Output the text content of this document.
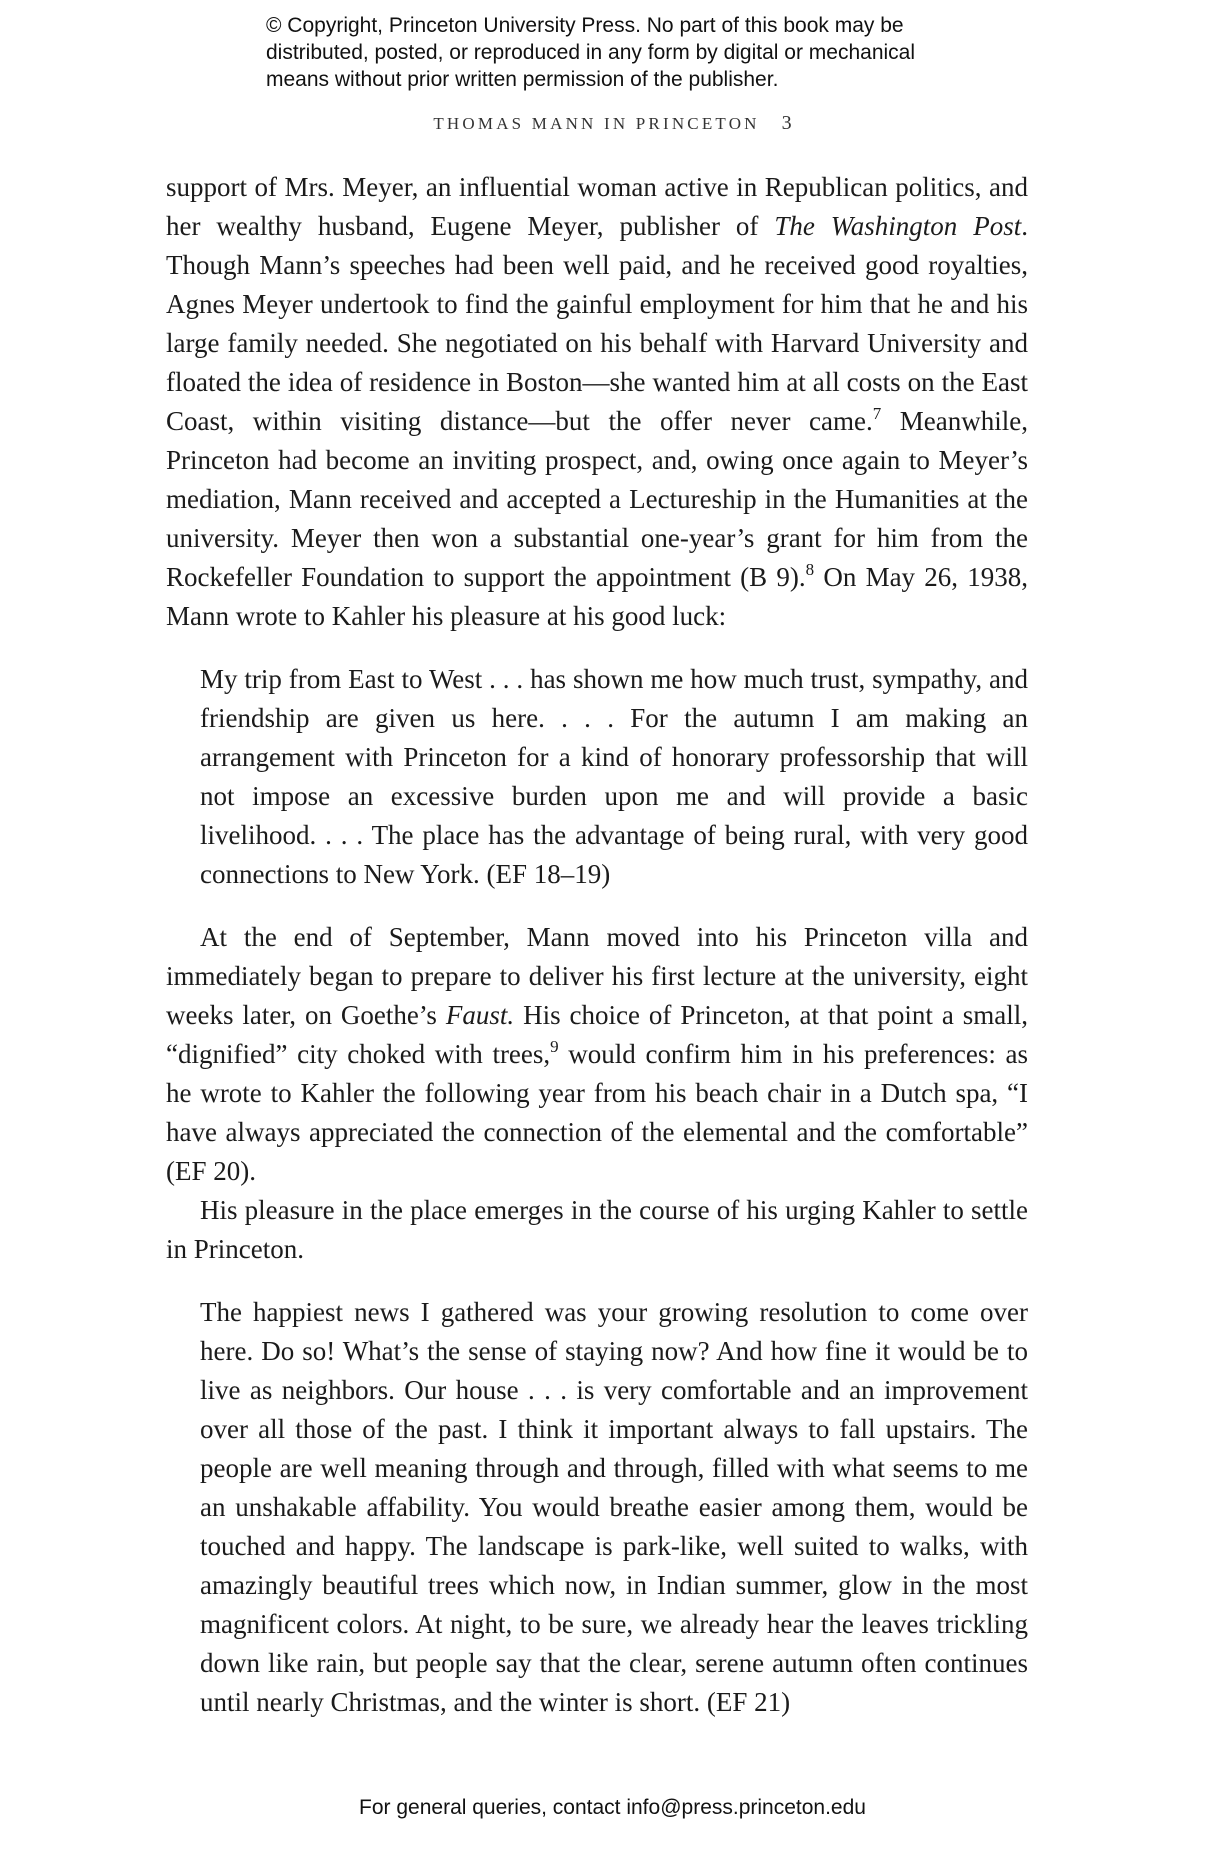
© Copyright, Princeton University Press. No part of this book may be
distributed, posted, or reproduced in any form by digital or mechanical
means without prior written permission of the publisher.
THOMAS MANN IN PRINCETON 3

support of Mrs. Meyer, an influential woman active in Republican politics, and her wealthy husband, Eugene Meyer, publisher of The Washington Post. Though Mann’s speeches had been well paid, and he received good royalties, Agnes Meyer undertook to find the gainful employment for him that he and his large family needed. She negotiated on his behalf with Harvard University and floated the idea of residence in Boston—she wanted him at all costs on the East Coast, within visiting distance—but the offer never came.$^7$ Meanwhile, Princeton had become an inviting prospect, and, owing once again to Meyer’s mediation, Mann received and accepted a Lectureship in the Humanities at the university. Meyer then won a substantial one-year’s grant for him from the Rockefeller Foundation to support the appointment (B 9).$^8$ On May 26, 1938, Mann wrote to Kahler his pleasure at his good luck:

My trip from East to West . . . has shown me how much trust, sympathy, and friendship are given us here. . . . For the autumn I am making an arrangement with Princeton for a kind of honorary professorship that will not impose an excessive burden upon me and will provide a basic livelihood. . . . The place has the advantage of being rural, with very good connections to New York. (EF 18–19)

At the end of September, Mann moved into his Princeton villa and immediately began to prepare to deliver his first lecture at the university, eight weeks later, on Goethe’s Faust. His choice of Princeton, at that point a small, “dignified” city choked with trees,$^9$ would confirm him in his preferences: as he wrote to Kahler the following year from his beach chair in a Dutch spa, “I have always appreciated the connection of the elemental and the comfortable” (EF 20).

His pleasure in the place emerges in the course of his urging Kahler to settle in Princeton.

The happiest news I gathered was your growing resolution to come over here. Do so! What’s the sense of staying now? And how fine it would be to live as neighbors. Our house . . . is very comfortable and an improvement over all those of the past. I think it important always to fall upstairs. The people are well meaning through and through, filled with what seems to me an unshakable affability. You would breathe easier among them, would be touched and happy. The landscape is park-like, well suited to walks, with amazingly beautiful trees which now, in Indian summer, glow in the most magnificent colors. At night, to be sure, we already hear the leaves trickling down like rain, but people say that the clear, serene autumn often continues until nearly Christmas, and the winter is short. (EF 21)

For general queries, contact info@press.princeton.edu
